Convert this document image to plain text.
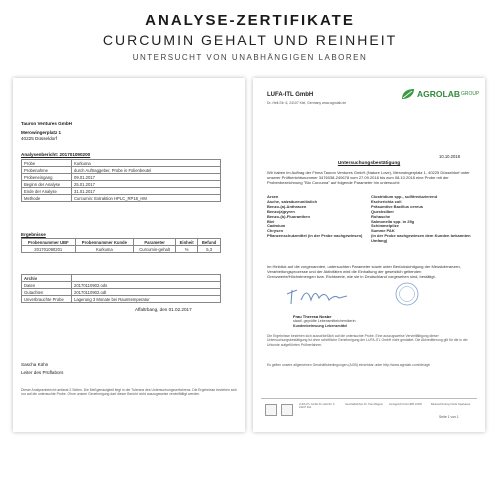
ANALYSE-ZERTIFIKATE
CURCUMIN GEHALT UND REINHEIT
UNTERSUCHT VON UNABHÄNGIGEN LABOREN
Tauron Ventures GmbH
Merowingerplatz 1
40225 Düsseldorf
Analysenbericht: 201701090200
Probe	Kurkuma
Probenahme	durch Auftraggeber, Probe in Folienbeutel
Probeneingang	09.01.2017
Beginn der Analyse	25.01.2017
Ende der Analyse	31.01.2017
Methode	Curcumin: Extraktion HPLC_RP18_HM
Ergebnisse
Probennummer UBF	Probennummer Kunde	Parameter	Einheit	Befund
201701090201	Kurkuma	Curcumin-gehalt	%	5,3
Archiv	
Daten	20170110902.ods
Gutachten	20170110902.odt
Unverbrauchte Probe	Lagerung 3 Monate bei Raumtemperatur
Affaltrbang, den 01.02.2017
Sascha Kühn
Leiter des Prüflabors
Dieser Analysenbericht umfasst 2 Seiten. Die Meßgenauigkeit liegt in der Toleranz des Untersuchungsverfahrens. Die Ergebnisse beziehen sich nur auf die untersuchte Probe. Ohne unsere Genehmigung darf dieser Bericht nicht auszugsweise vervielfältigt werden.
LUFA-ITL GmbH
Dr.-Hell-Str. 6, 24107 Kiel, Germany www.agrolab.de
AGROLAB GROUP
10.10.2018
Untersuchungsbestätigung
Wir haben im Auftrag der Firma Tauron Ventures GmbH (Nature Love), Merowingerplatz 1, 40225 Düsseldorf unter unserer Prüfberichtsnummer 3476038-240678 vom 27.09.2018 bis zum 08.10.2018 eine Probe mit der Probenbezeichnung "Bio Curcuma" auf folgende Parameter hin untersucht:
Arsen
Asche, salzsäureunlöslich
Benzo-(a)-Anthracen
Benzo(a)pyren
Benzo-(b)-Fluoranthen
Blei
Cadmium
Chrysen
Pflanzenschutzmittel (in der Probe nachgewiesen)
Clostridium spp., sulfitreduzierend
Escherichia coli
Präsumtive Bacillus cereus
Quecksilber
Rohasche
Salmonella spp. in 25g
Schimmelpilze
Summe PAK
(in der Probe nachgewiesen dem Kunden bekannten Umfang)
Im Hinblick auf die vorgenannten, untersuchten Parameter sowie unter Berücksichtigung der Messtoleranzen, Verarbeitungsprozesse und der Aktivitäten wird die Einhaltung der gesetzlich geltenden Grenzwerte/Höchstmengen bzw. Richtwerte, wie sie in Deutschland vorgesehen sind, bestätigt.
Frau Theresa Nosbe
staatl. geprüfte Lebensmittelchemikerin
Kundenbetreuung Lebensmittel
Die Ergebnisse beziehen sich ausschließlich auf die untersuchte Probe. Eine auszugsweise Vervielfältigung dieser Untersuchungsbestätigung ist ohne schriftliche Genehmigung der LUFA-ITL GmbH nicht gestattet. Die Akkreditierung gilt für die in der Urkunde aufgeführten Prüfverfahren.
Es gelten unsere allgemeinen Geschäftsbedingungen (AGB) einsehbar unter http://www.agrolab.com/de/agb
LUFA-ITL GmbH Dr.-Hell-Str. 6 24107 Kiel
Geschäftsführer Dr. Paul Wagner	Amtsgericht Kiel HRB 12345	Bankverbindung Förde Sparkasse
Seite 1 von 1
